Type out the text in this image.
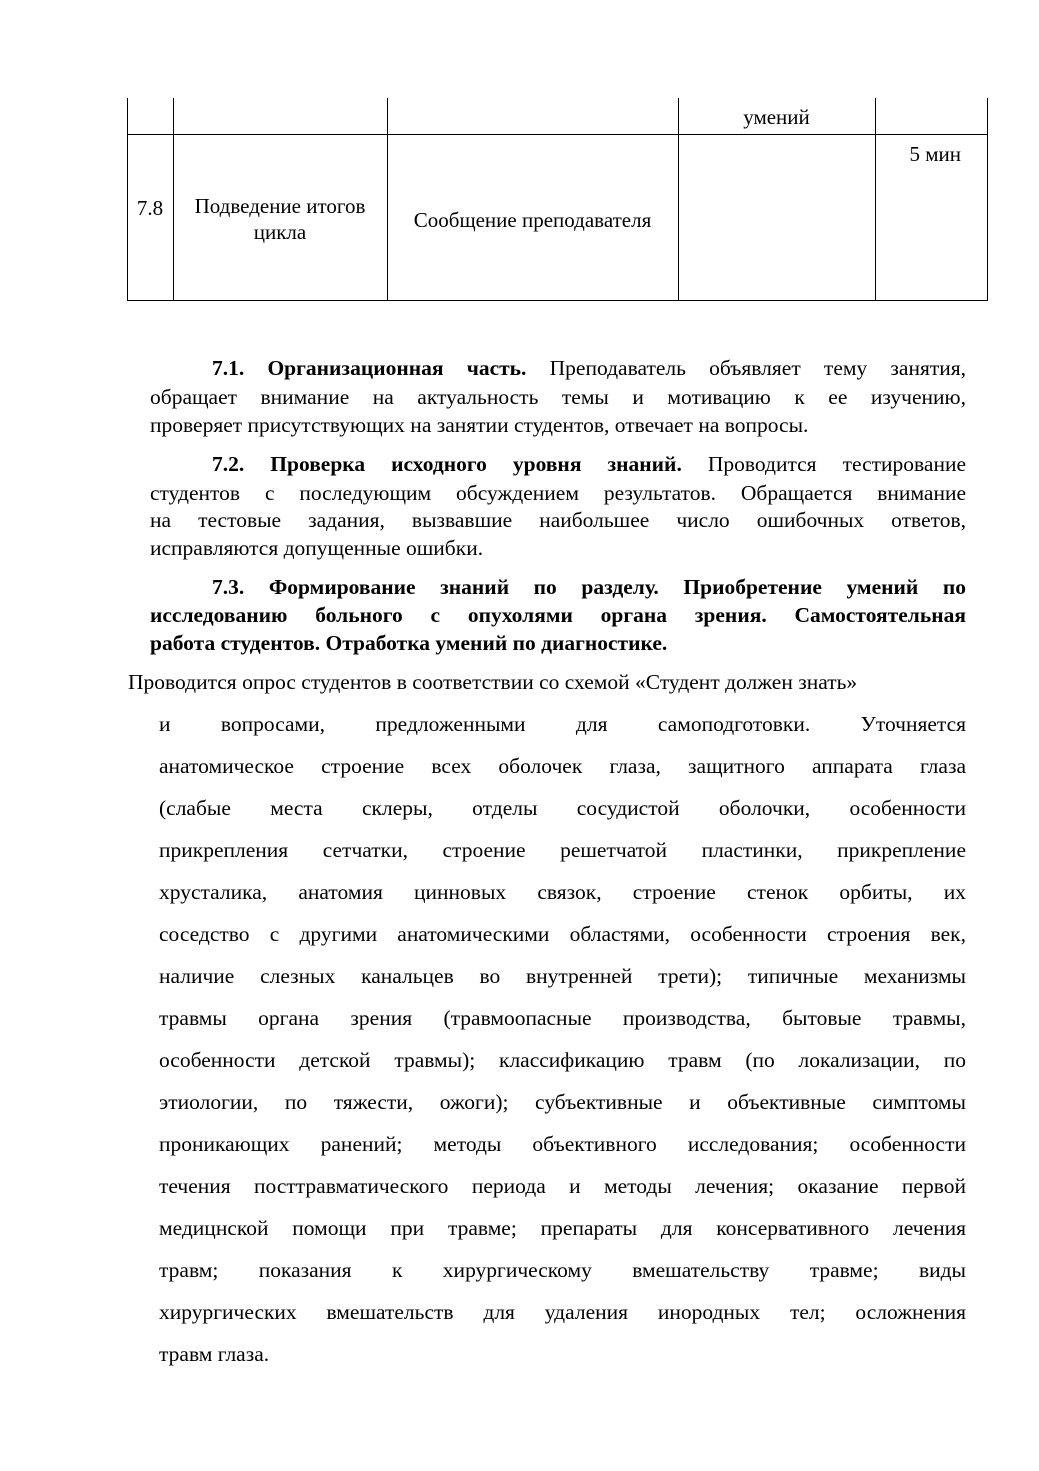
умений
7.8	Подведение итогов
цикла	Сообщение преподавателя
5 мин
7.1. Организационная часть. Преподаватель объявляет тему занятия,
обращает внимание на актуальность темы и мотивацию к ее изучению,
проверяет присутствующих на занятии студентов, отвечает на вопросы.
7.2. Проверка исходного уровня знаний. Проводится тестирование
студентов с последующим обсуждением результатов. Обращается внимание
на тестовые задания, вызвавшие наибольшее число ошибочных ответов,
исправляются допущенные ошибки.
7.3. Формирование знаний по разделу. Приобретение умений по
исследованию больного с опухолями органа зрения. Самостоятельная
работа студентов. Отработка умений по диагностике.
Проводится опрос студентов в соответствии со схемой «Студент должен знать»
и вопросами, предложенными для самоподготовки. Уточняется
анатомическое строение всех оболочек глаза, защитного аппарата глаза
(слабые места склеры, отделы сосудистой оболочки, особенности
прикрепления сетчатки, строение решетчатой пластинки, прикрепление
хрусталика, анатомия цинновых связок, строение стенок орбиты, их
соседство с другими анатомическими областями, особенности строения век,
наличие слезных канальцев во внутренней трети); типичные механизмы
травмы органа зрения (травмоопасные производства, бытовые травмы,
особенности детской травмы); классификацию травм (по локализации, по
этиологии, по тяжести, ожоги); субъективные и объективные симптомы
проникающих ранений; методы объективного исследования; особенности
течения посттравматического периода и методы лечения; оказание первой
медицнской помощи при травме; препараты для консервативного лечения
травм; показания к хирургическому вмешательству травме; виды
хирургических вмешательств для удаления инородных тел; осложнения
травм глаза.
